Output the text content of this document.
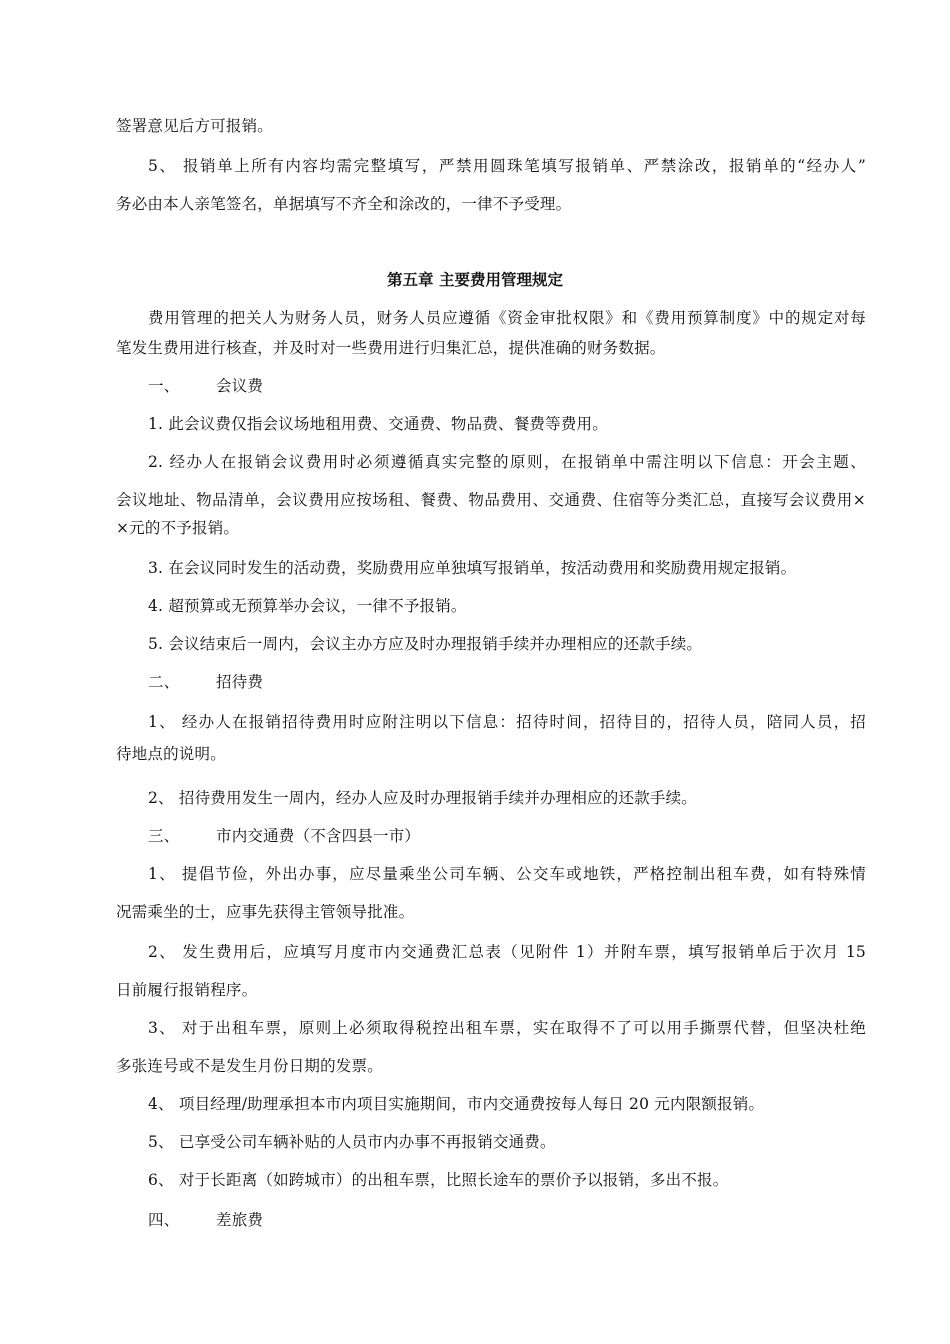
签署意见后方可报销。
5、 报销单上所有内容均需完整填写，严禁用圆珠笔填写报销单、严禁涂改，报销单的“经办人”
务必由本人亲笔签名，单据填写不齐全和涂改的，一律不予受理。
第五章 主要费用管理规定
费用管理的把关人为财务人员，财务人员应遵循《资金审批权限》和《费用预算制度》中的规定对每
笔发生费用进行核查，并及时对一些费用进行归集汇总，提供准确的财务数据。
一、 会议费
1. 此会议费仅指会议场地租用费、交通费、物品费、餐费等费用。
2. 经办人在报销会议费用时必须遵循真实完整的原则，在报销单中需注明以下信息：开会主题、
会议地址、物品清单，会议费用应按场租、餐费、物品费用、交通费、住宿等分类汇总，直接写会议费用×
×元的不予报销。
3. 在会议同时发生的活动费，奖励费用应单独填写报销单，按活动费用和奖励费用规定报销。
4. 超预算或无预算举办会议，一律不予报销。
5. 会议结束后一周内，会议主办方应及时办理报销手续并办理相应的还款手续。
二、 招待费
1、 经办人在报销招待费用时应附注明以下信息：招待时间，招待目的，招待人员，陪同人员，招
待地点的说明。
2、 招待费用发生一周内，经办人应及时办理报销手续并办理相应的还款手续。
三、 市内交通费（不含四县一市）
1、 提倡节俭，外出办事，应尽量乘坐公司车辆、公交车或地铁，严格控制出租车费，如有特殊情
况需乘坐的士，应事先获得主管领导批准。
2、 发生费用后，应填写月度市内交通费汇总表（见附件 1）并附车票，填写报销单后于次月 15
日前履行报销程序。
3、 对于出租车票，原则上必须取得税控出租车票，实在取得不了可以用手撕票代替，但坚决杜绝
多张连号或不是发生月份日期的发票。
4、 项目经理/助理承担本市内项目实施期间，市内交通费按每人每日 20 元内限额报销。
5、 已享受公司车辆补贴的人员市内办事不再报销交通费。
6、 对于长距离（如跨城市）的出租车票，比照长途车的票价予以报销，多出不报。
四、 差旅费
